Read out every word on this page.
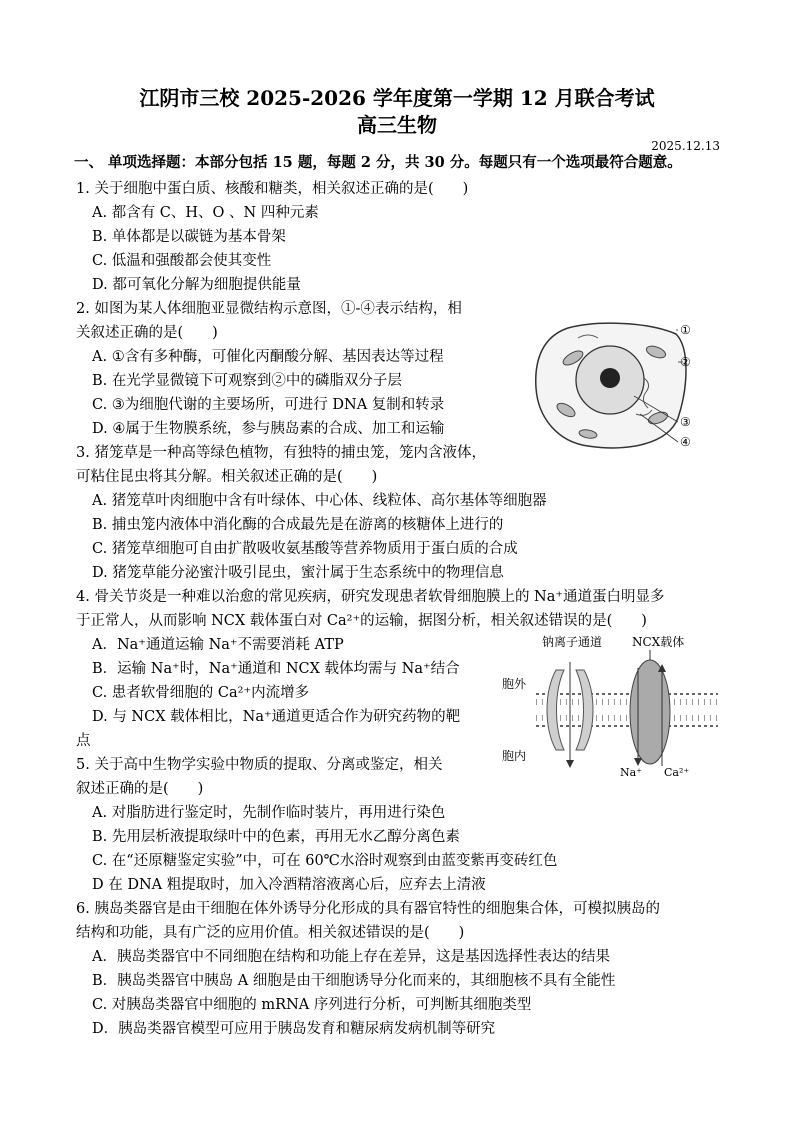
江阴市三校 2025-2026 学年度第一学期 12 月联合考试
高三生物
2025.12.13
一、 单项选择题：本部分包括 15 题，每题 2 分，共 30 分。每题只有一个选项最符合题意。
1. 关于细胞中蛋白质、核酸和糖类，相关叙述正确的是(　　)
A. 都含有 C、H、O 、N 四种元素
B. 单体都是以碳链为基本骨架
C. 低温和强酸都会使其变性
D. 都可氧化分解为细胞提供能量
2. 如图为某人体细胞亚显微结构示意图，①-④表示结构，相
关叙述正确的是(　　)
A. ①含有多种酶，可催化丙酮酸分解、基因表达等过程
B. 在光学显微镜下可观察到②中的磷脂双分子层
C. ③为细胞代谢的主要场所，可进行 DNA 复制和转录
D. ④属于生物膜系统，参与胰岛素的合成、加工和运输
①
②
③
④
3. 猪笼草是一种高等绿色植物，有独特的捕虫笼，笼内含液体，
可粘住昆虫将其分解。相关叙述正确的是(　　)
A. 猪笼草叶肉细胞中含有叶绿体、中心体、线粒体、高尔基体等细胞器
B. 捕虫笼内液体中消化酶的合成最先是在游离的核糖体上进行的
C. 猪笼草细胞可自由扩散吸收氨基酸等营养物质用于蛋白质的合成
D. 猪笼草能分泌蜜汁吸引昆虫，蜜汁属于生态系统中的物理信息
4. 骨关节炎是一种难以治愈的常见疾病，研究发现患者软骨细胞膜上的 Na⁺通道蛋白明显多
于正常人，从而影响 NCX 载体蛋白对 Ca²⁺的运输，据图分析，相关叙述错误的是(　　)
A．Na⁺通道运输 Na⁺不需要消耗 ATP
B．运输 Na⁺时，Na⁺通道和 NCX 载体均需与 Na⁺结合
C. 患者软骨细胞的 Ca²⁺内流增多
D. 与 NCX 载体相比，Na⁺通道更适合作为研究药物的靶
点
钠离子通道 NCX载体
胞外
胞内
Na⁺ Ca²⁺
5. 关于高中生物学实验中物质的提取、分离或鉴定，相关
叙述正确的是(　　)
A. 对脂肪进行鉴定时，先制作临时装片，再用进行染色
B. 先用层析液提取绿叶中的色素，再用无水乙醇分离色素
C. 在“还原糖鉴定实验”中，可在 60℃水浴时观察到由蓝变紫再变砖红色
D 在 DNA 粗提取时，加入冷酒精溶液离心后，应弃去上清液
6. 胰岛类器官是由干细胞在体外诱导分化形成的具有器官特性的细胞集合体，可模拟胰岛的
结构和功能，具有广泛的应用价值。相关叙述错误的是(　　)
A．胰岛类器官中不同细胞在结构和功能上存在差异，这是基因选择性表达的结果
B．胰岛类器官中胰岛 A 细胞是由干细胞诱导分化而来的，其细胞核不具有全能性
C. 对胰岛类器官中细胞的 mRNA 序列进行分析，可判断其细胞类型
D．胰岛类器官模型可应用于胰岛发育和糖尿病发病机制等研究
